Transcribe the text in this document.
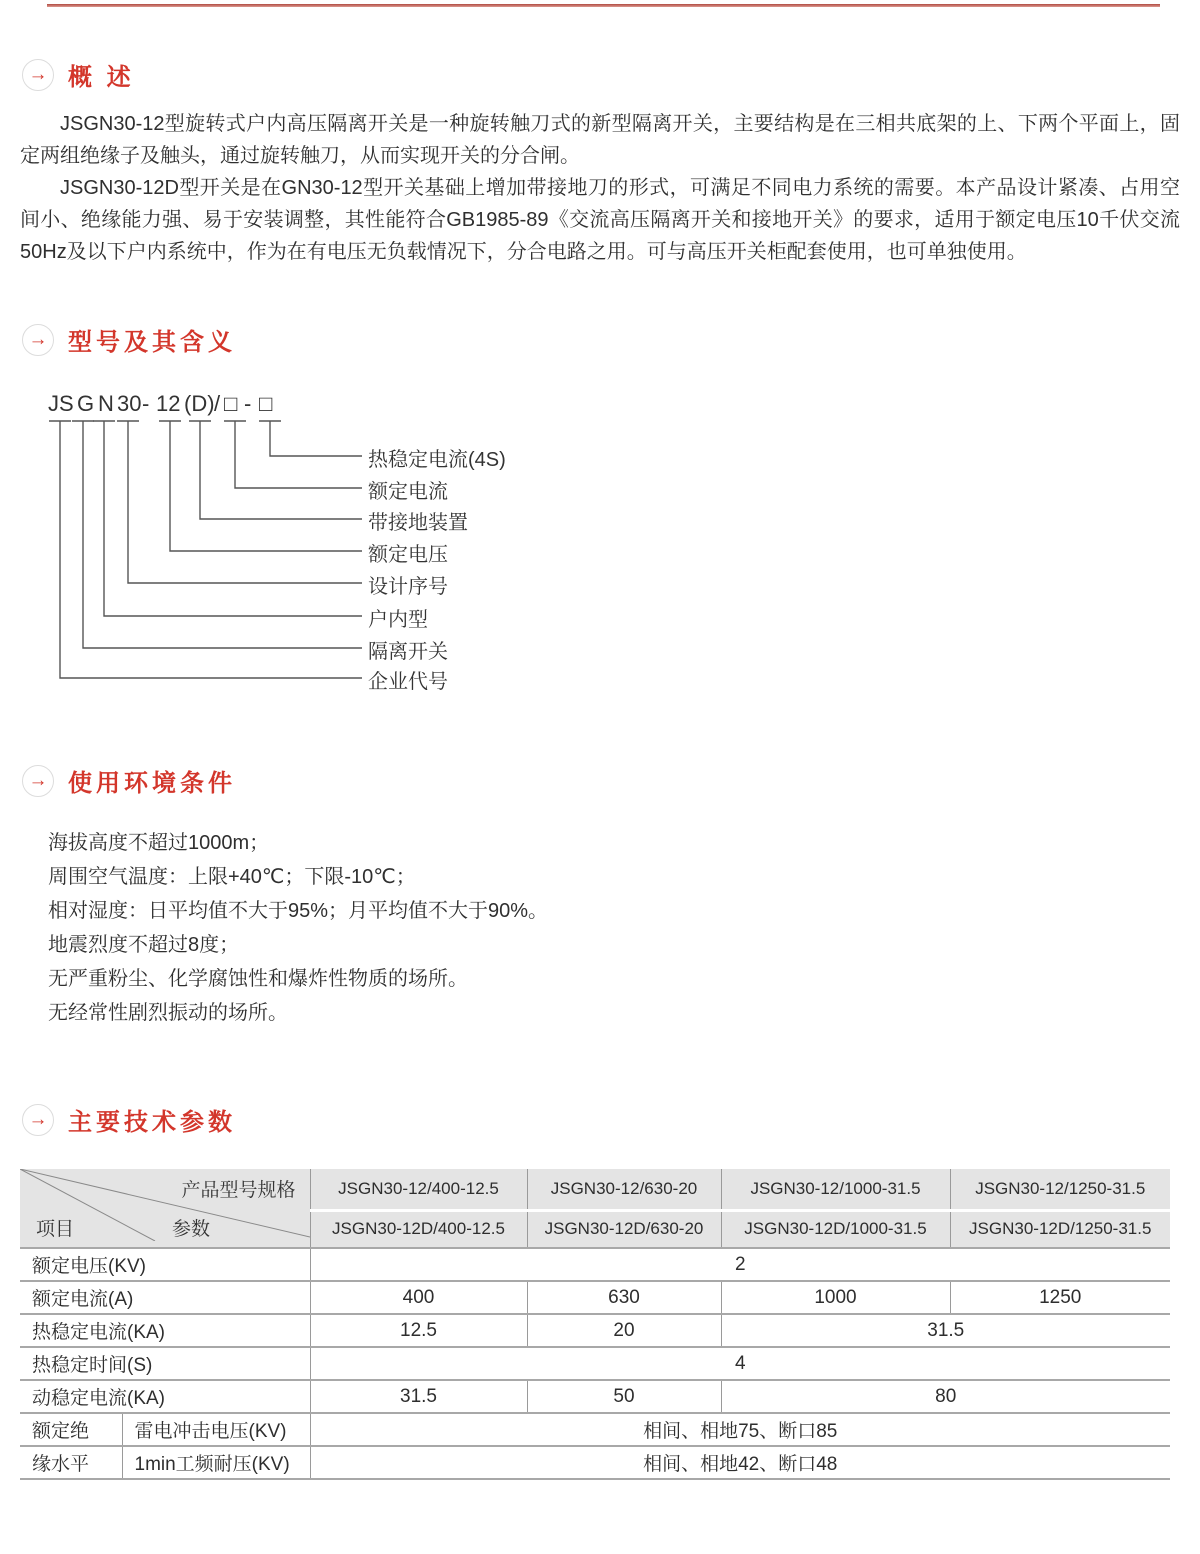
→ 概 述

JSGN30-12型旋转式户内高压隔离开关是一种旋转触刀式的新型隔离开关，主要结构是在三相共底架的上、下两个平面上，固定两组绝缘子及触头，通过旋转触刀，从而实现开关的分合闸。

JSGN30-12D型开关是在GN30-12型开关基础上增加带接地刀的形式，可满足不同电力系统的需要。本产品设计紧凑、占用空间小、绝缘能力强、易于安装调整，其性能符合GB1985-89《交流高压隔离开关和接地开关》的要求，适用于额定电压10千伏交流50Hz及以下户内系统中，作为在有电压无负载情况下，分合电路之用。可与高压开关柜配套使用，也可单独使用。

→ 型号及其含义
JS G N 30 - 12 (D) / □ - □
热稳定电流(4S)
额定电流
带接地装置
额定电压
设计序号
户内型
隔离开关
企业代号
→ 使用环境条件
海拔高度不超过1000m；
周围空气温度：上限+40℃；下限-10℃；
相对湿度：日平均值不大于95%；月平均值不大于90%。
地震烈度不超过8度；
无严重粉尘、化学腐蚀性和爆炸性物质的场所。
无经常性剧烈振动的场所。
→ 主要技术参数
产品型号规格
项目 参数		JSGN30-12/400-12.5	JSGN30-12/630-20	JSGN30-12/1000-31.5	JSGN30-12/1250-31.5
		JSGN30-12D/400-12.5	JSGN30-12D/630-20	JSGN30-12D/1000-31.5	JSGN30-12D/1250-31.5
额定电压(KV)		2			
额定电流(A)		400	630	1000	1250
热稳定电流(KA)		12.5	20	31.5	
热稳定时间(S)		4			
动稳定电流(KA)		31.5	50	80	
额定绝	雷电冲击电压(KV)	相间、相地75、断口85			
缘水平	1min工频耐压(KV)	相间、相地42、断口48			
